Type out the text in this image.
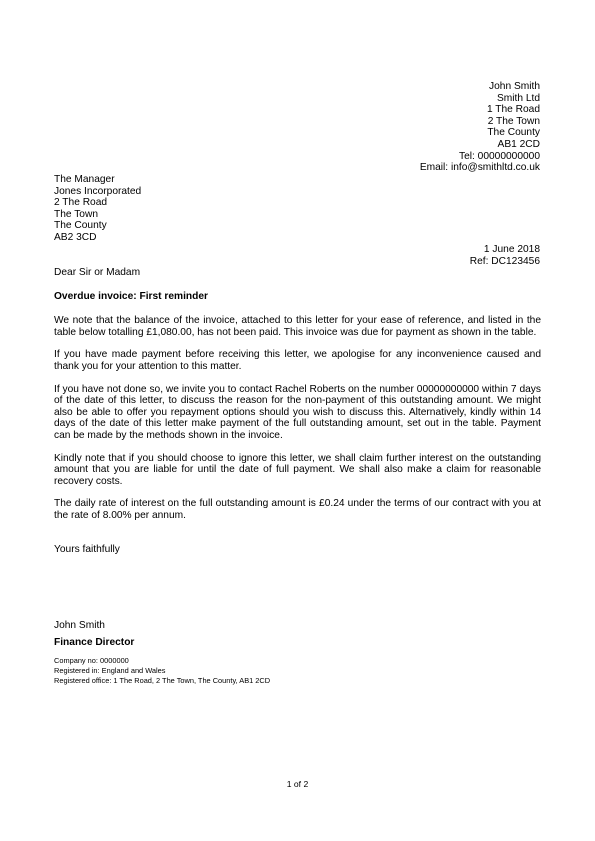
John Smith
Smith Ltd
1 The Road
2 The Town
The County
AB1 2CD
Tel: 00000000000
Email: info@smithltd.co.uk
The Manager
Jones Incorporated
2 The Road
The Town
The County
AB2 3CD
1 June 2018
Ref: DC123456
Dear Sir or Madam
Overdue invoice: First reminder
We note that the balance of the invoice, attached to this letter for your ease of reference, and listed in the table below totalling £1,080.00, has not been paid. This invoice was due for payment as shown in the table.
If you have made payment before receiving this letter, we apologise for any inconvenience caused and thank you for your attention to this matter.
If you have not done so, we invite you to contact Rachel Roberts on the number 00000000000 within 7 days of the date of this letter, to discuss the reason for the non-payment of this outstanding amount. We might also be able to offer you repayment options should you wish to discuss this. Alternatively, kindly within 14 days of the date of this letter make payment of the full outstanding amount, set out in the table. Payment can be made by the methods shown in the invoice.
Kindly note that if you should choose to ignore this letter, we shall claim further interest on the outstanding amount that you are liable for until the date of full payment. We shall also make a claim for reasonable recovery costs.
The daily rate of interest on the full outstanding amount is £0.24 under the terms of our contract with you at the rate of 8.00% per annum.
Yours faithfully
John Smith
Finance Director
Company no: 0000000
Registered in: England and Wales
Registered office: 1 The Road, 2 The Town, The County, AB1 2CD
1 of 2
